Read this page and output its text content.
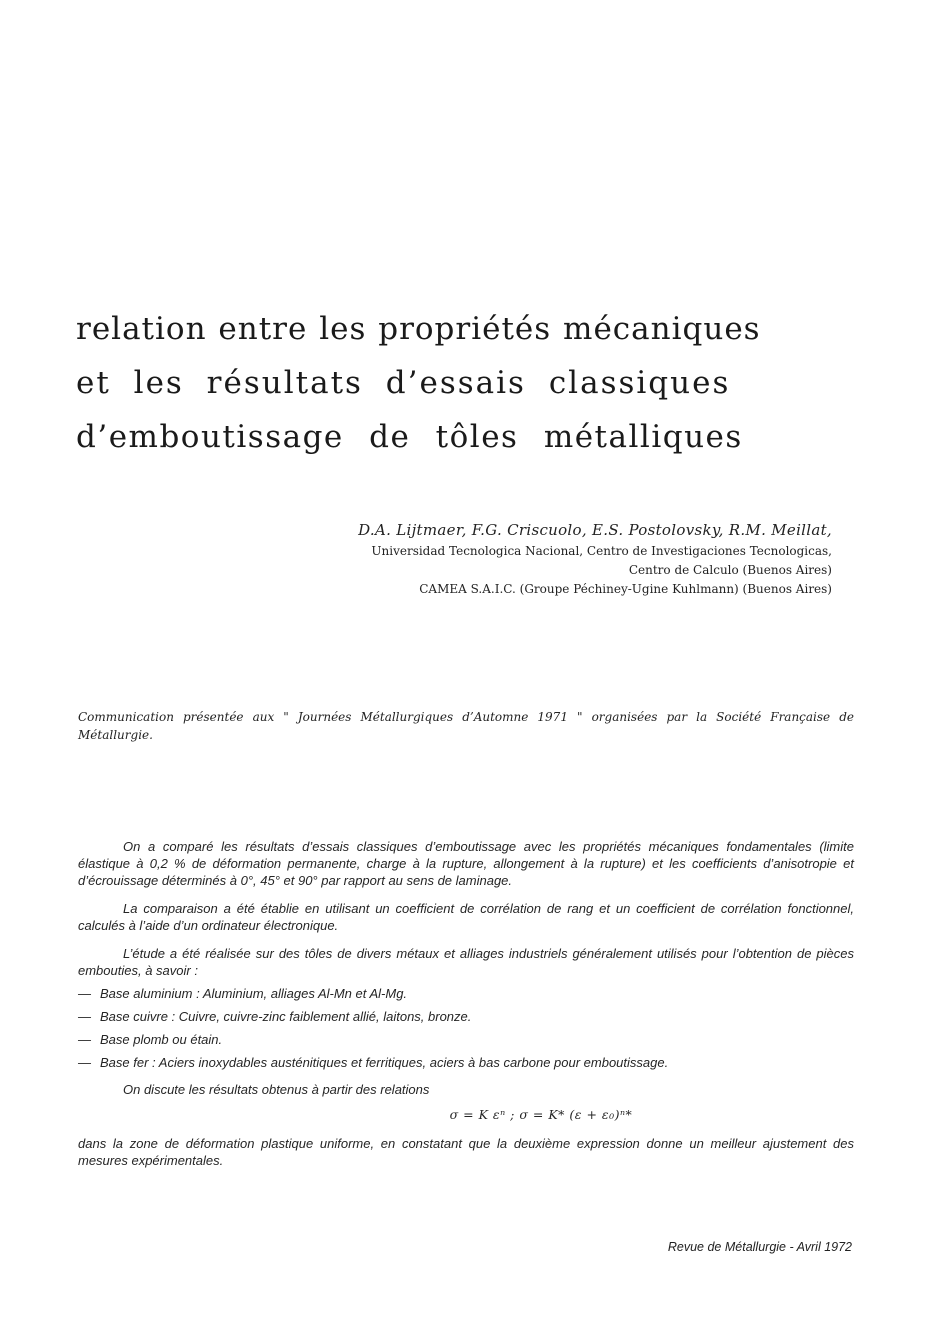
relation entre les propriétés mécaniques
et les résultats d’essais classiques
d’emboutissage de tôles métalliques
D.A. Lijtmaer, F.G. Criscuolo, E.S. Postolovsky, R.M. Meillat,
Universidad Tecnologica Nacional, Centro de Investigaciones Tecnologicas,
Centro de Calculo (Buenos Aires)
CAMEA S.A.I.C. (Groupe Péchiney-Ugine Kuhlmann) (Buenos Aires)

Communication présentée aux " Journées Métallurgiques d’Automne 1971 " organisées par la Société Française de Métallurgie.

On a comparé les résultats d’essais classiques d’emboutissage avec les propriétés mécaniques fondamentales (limite élastique à 0,2 % de déformation permanente, charge à la rupture, allongement à la rupture) et les coefficients d’anisotropie et d’écrouissage déterminés à 0°, 45° et 90° par rapport au sens de laminage.

La comparaison a été établie en utilisant un coefficient de corrélation de rang et un coefficient de corrélation fonctionnel, calculés à l’aide d’un ordinateur électronique.

L’étude a été réalisée sur des tôles de divers métaux et alliages industriels généralement utilisés pour l’obtention de pièces embouties, à savoir :

— Base aluminium : Aluminium, alliages Al-Mn et Al-Mg.
— Base cuivre : Cuivre, cuivre-zinc faiblement allié, laitons, bronze.
— Base plomb ou étain.
— Base fer : Aciers inoxydables austénitiques et ferritiques, aciers à bas carbone pour emboutissage.

On discute les résultats obtenus à partir des relations

σ = K εⁿ ; σ = K* (ε + ε₀)ⁿ*

dans la zone de déformation plastique uniforme, en constatant que la deuxième expression donne un meilleur ajustement des mesures expérimentales.

Revue de Métallurgie - Avril 1972
